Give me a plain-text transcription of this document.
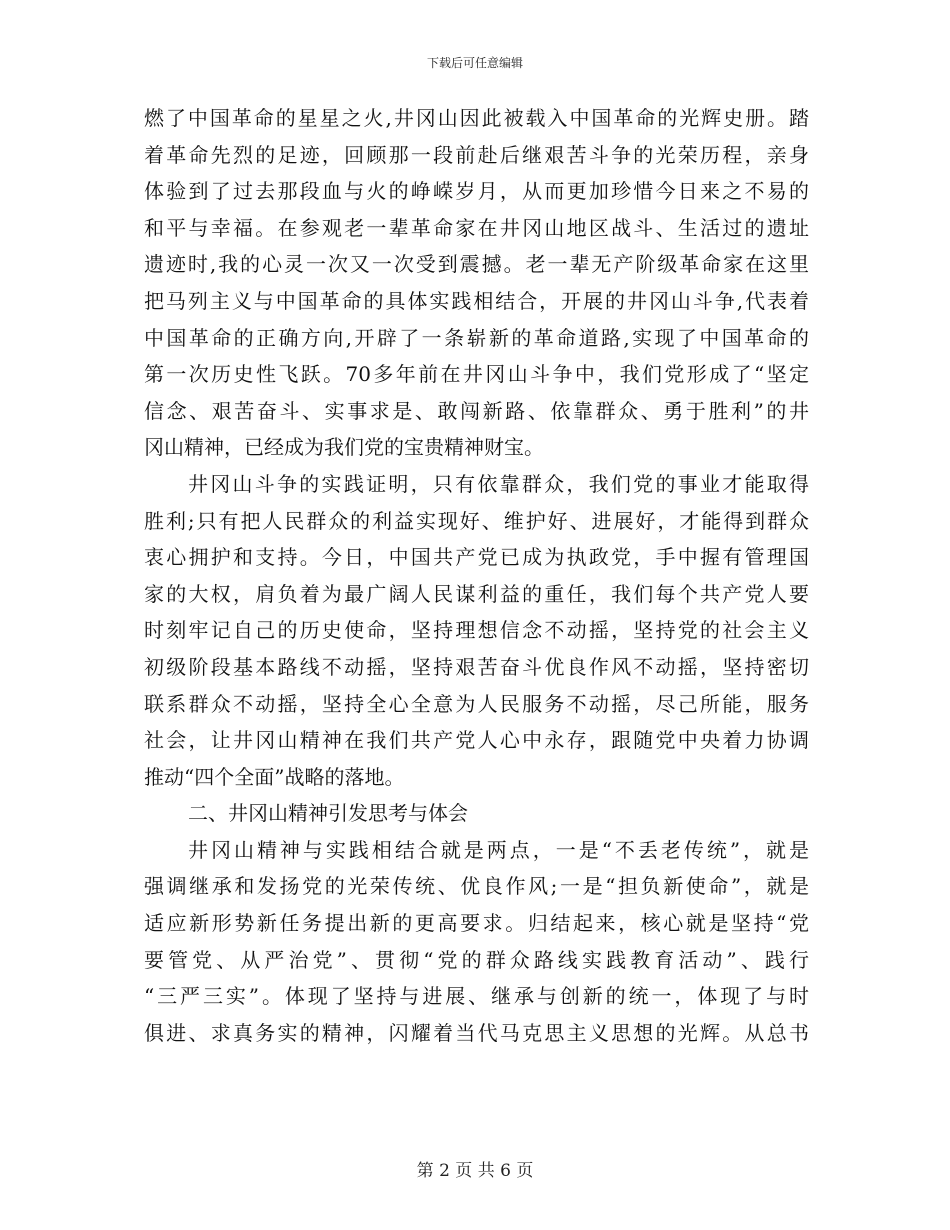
下载后可任意编辑
燃了中国革命的星星之火,井冈山因此被载入中国革命的光辉史册。踏
着革命先烈的足迹，回顾那一段前赴后继艰苦斗争的光荣历程，亲身
体验到了过去那段血与火的峥嵘岁月，从而更加珍惜今日来之不易的
和平与幸福。在参观老一辈革命家在井冈山地区战斗、生活过的遗址
遗迹时,我的心灵一次又一次受到震撼。老一辈无产阶级革命家在这里
把马列主义与中国革命的具体实践相结合，开展的井冈山斗争,代表着
中国革命的正确方向,开辟了一条崭新的革命道路,实现了中国革命的
第一次历史性飞跃。70多年前在井冈山斗争中，我们党形成了“坚定
信念、艰苦奋斗、实事求是、敢闯新路、依靠群众、勇于胜利”的井
冈山精神，已经成为我们党的宝贵精神财宝。
井冈山斗争的实践证明，只有依靠群众，我们党的事业才能取得
胜利;只有把人民群众的利益实现好、维护好、进展好，才能得到群众
衷心拥护和支持。今日，中国共产党已成为执政党，手中握有管理国
家的大权，肩负着为最广阔人民谋利益的重任，我们每个共产党人要
时刻牢记自己的历史使命，坚持理想信念不动摇，坚持党的社会主义
初级阶段基本路线不动摇，坚持艰苦奋斗优良作风不动摇，坚持密切
联系群众不动摇，坚持全心全意为人民服务不动摇，尽己所能，服务
社会，让井冈山精神在我们共产党人心中永存，跟随党中央着力协调
推动“四个全面”战略的落地。
二、井冈山精神引发思考与体会
井冈山精神与实践相结合就是两点，一是“不丢老传统”，就是
强调继承和发扬党的光荣传统、优良作风;一是“担负新使命”，就是
适应新形势新任务提出新的更高要求。归结起来，核心就是坚持“党
要管党、从严治党”、贯彻“党的群众路线实践教育活动”、践行
“三严三实”。体现了坚持与进展、继承与创新的统一，体现了与时
俱进、求真务实的精神，闪耀着当代马克思主义思想的光辉。从总书
第 2 页 共 6 页
